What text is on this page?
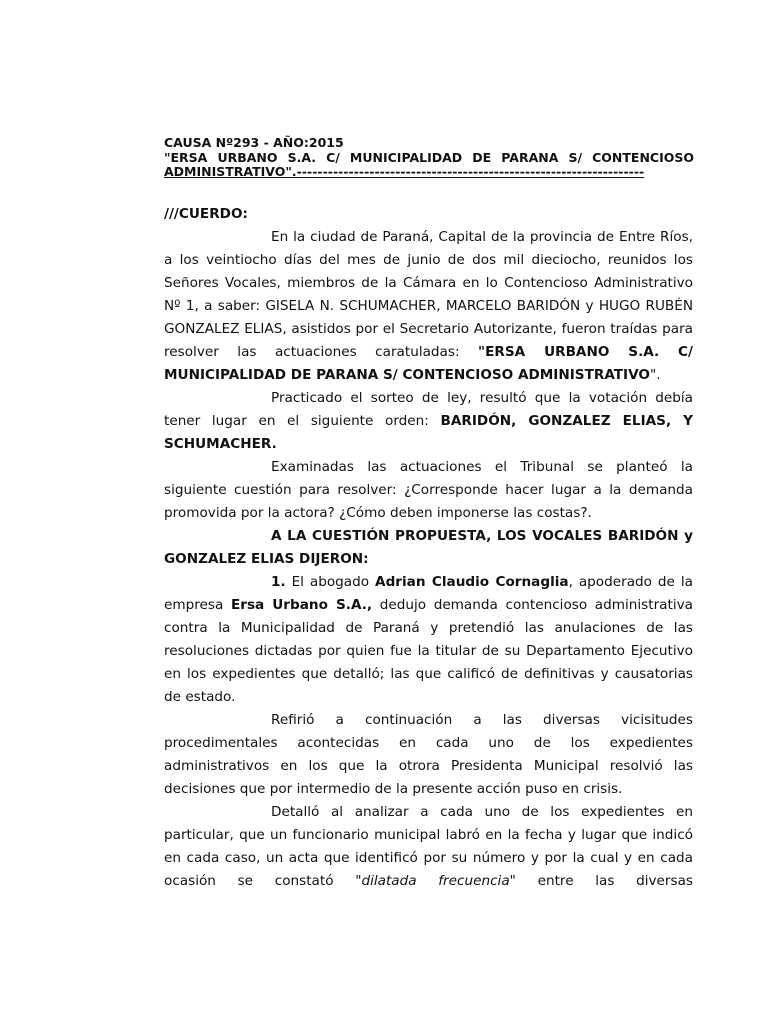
CAUSA Nº293 - AÑO:2015
"ERSA URBANO S.A. C/ MUNICIPALIDAD DE PARANA S/ CONTENCIOSO
ADMINISTRATIVO".-------------------------------------------------------------------

///CUERDO:

En la ciudad de Paraná, Capital de la provincia de Entre Ríos, a los veintiocho días del mes de junio de dos mil dieciocho, reunidos los Señores Vocales, miembros de la Cámara en lo Contencioso Administrativo Nº 1, a saber: GISELA N. SCHUMACHER, MARCELO BARIDÓN y HUGO RUBÉN GONZALEZ ELIAS, asistidos por el Secretario Autorizante, fueron traídas para resolver las actuaciones caratuladas: "ERSA URBANO S.A. C/ MUNICIPALIDAD DE PARANA S/ CONTENCIOSO ADMINISTRATIVO".

Practicado el sorteo de ley, resultó que la votación debía tener lugar en el siguiente orden: BARIDÓN, GONZALEZ ELIAS, Y SCHUMACHER.

Examinadas las actuaciones el Tribunal se planteó la siguiente cuestión para resolver: ¿Corresponde hacer lugar a la demanda promovida por la actora? ¿Cómo deben imponerse las costas?.

A LA CUESTIÓN PROPUESTA, LOS VOCALES BARIDÓN y GONZALEZ ELIAS DIJERON:

1. El abogado Adrian Claudio Cornaglia, apoderado de la empresa Ersa Urbano S.A., dedujo demanda contencioso administrativa contra la Municipalidad de Paraná y pretendió las anulaciones de las resoluciones dictadas por quien fue la titular de su Departamento Ejecutivo en los expedientes que detalló; las que calificó de definitivas y causatorias de estado.

Refirió a continuación a las diversas vicisitudes procedimentales acontecidas en cada uno de los expedientes administrativos en los que la otrora Presidenta Municipal resolvió las decisiones que por intermedio de la presente acción puso en crisis.

Detalló al analizar a cada uno de los expedientes en particular, que un funcionario municipal labró en la fecha y lugar que indicó en cada caso, un acta que identificó por su número y por la cual y en cada ocasión se constató "dilatada frecuencia" entre las diversas
